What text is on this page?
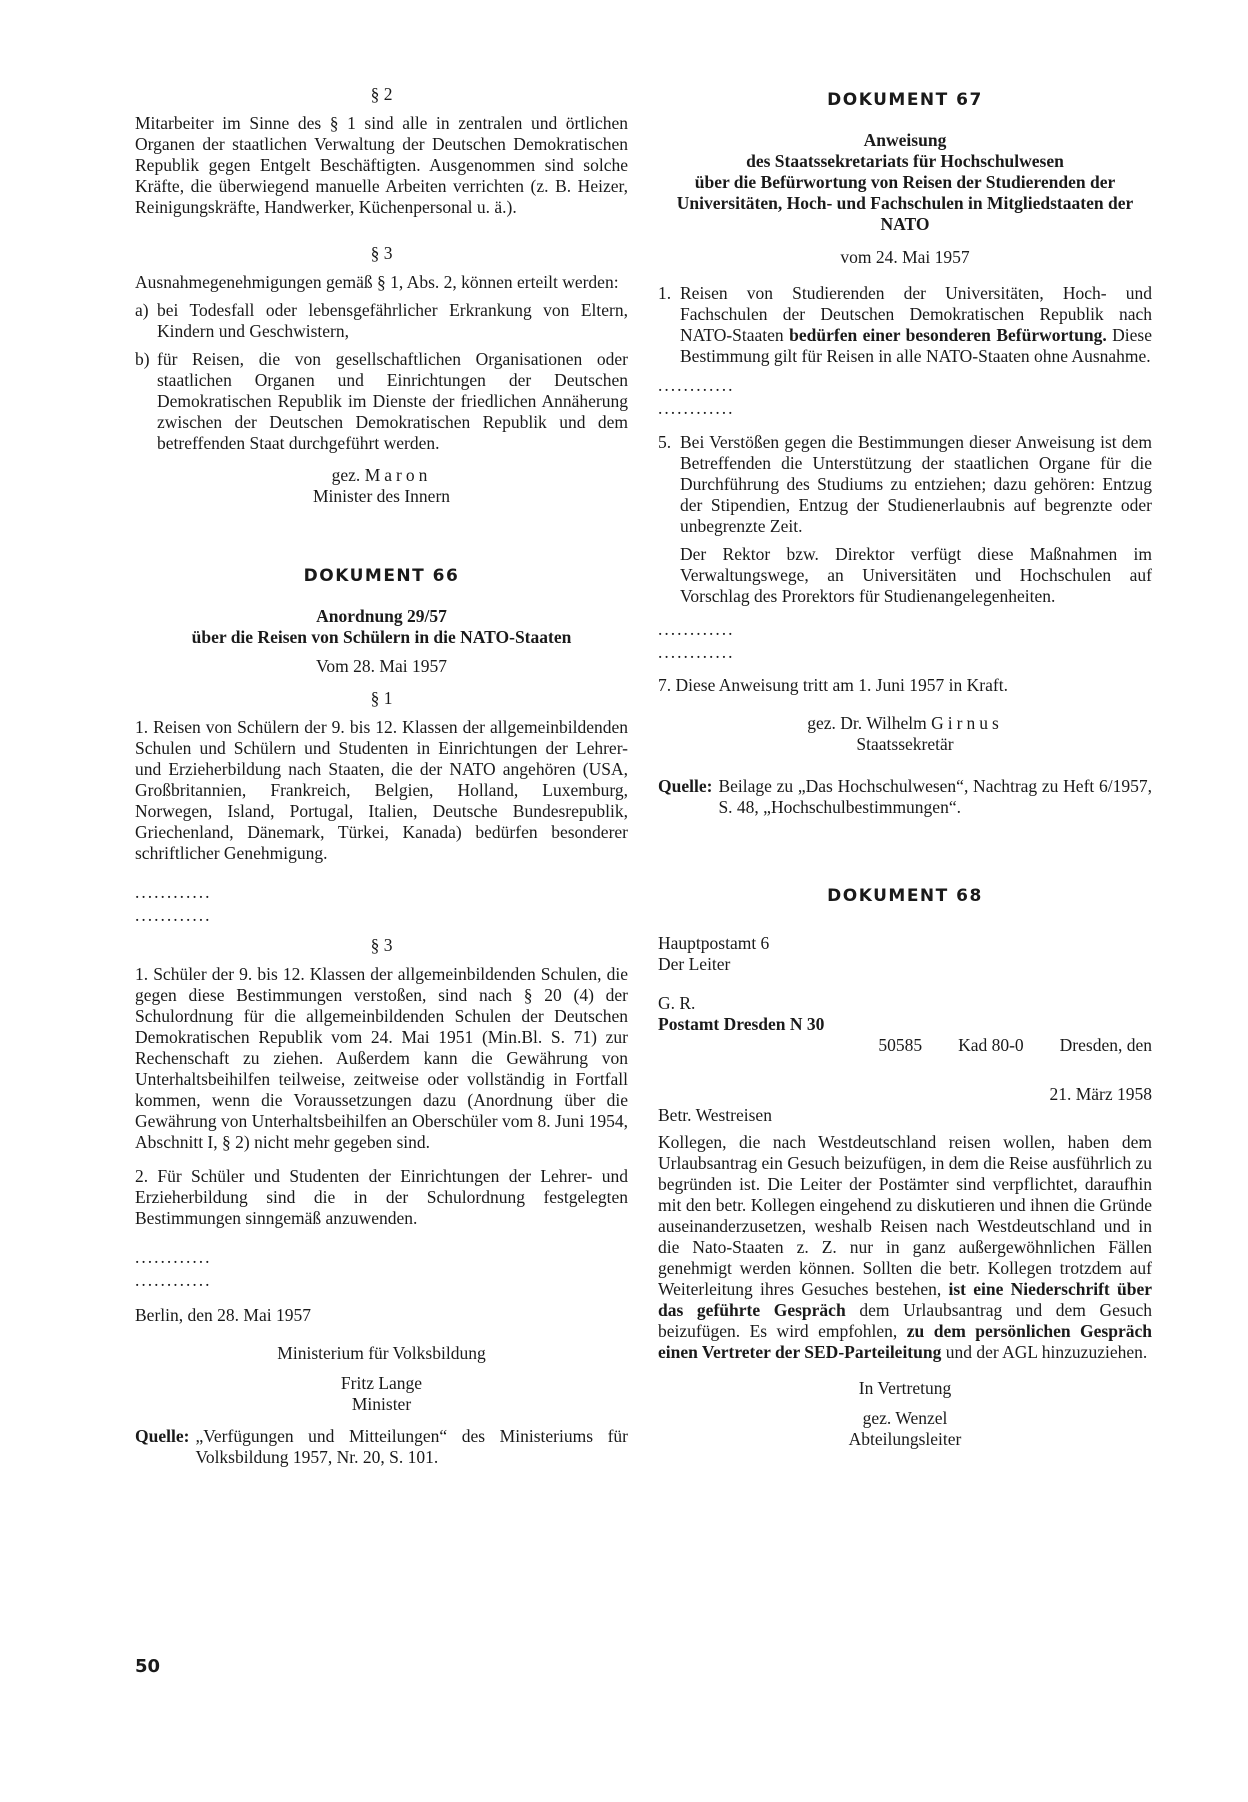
§ 2

Mitarbeiter im Sinne des § 1 sind alle in zentralen und örtlichen Organen der staatlichen Verwaltung der Deutschen Demokratischen Republik gegen Entgelt Beschäftigten. Ausgenommen sind solche Kräfte, die überwiegend manuelle Arbeiten verrichten (z. B. Heizer, Reinigungskräfte, Handwerker, Küchenpersonal u. ä.).

§ 3

Ausnahmegenehmigungen gemäß § 1, Abs. 2, können erteilt werden:

a) bei Todesfall oder lebensgefährlicher Erkrankung von Eltern, Kindern und Geschwistern,
b) für Reisen, die von gesellschaftlichen Organisationen oder staatlichen Organen und Einrichtungen der Deutschen Demokratischen Republik im Dienste der friedlichen Annäherung zwischen der Deutschen Demokratischen Republik und dem betreffenden Staat durchgeführt werden.

gez. Maron

Minister des Innern

DOKUMENT 66

Anordnung 29/57

über die Reisen von Schülern in die NATO-Staaten

Vom 28. Mai 1957

§ 1

1. Reisen von Schülern der 9. bis 12. Klassen der allgemeinbildenden Schulen und Schülern und Studenten in Einrichtungen der Lehrer- und Erzieherbildung nach Staaten, die der NATO angehören (USA, Großbritannien, Frankreich, Belgien, Holland, Luxemburg, Norwegen, Island, Portugal, Italien, Deutsche Bundesrepublik, Griechenland, Dänemark, Türkei, Kanada) bedürfen besonderer schriftlicher Genehmigung.

............

............

§ 3

1. Schüler der 9. bis 12. Klassen der allgemeinbildenden Schulen, die gegen diese Bestimmungen verstoßen, sind nach § 20 (4) der Schulordnung für die allgemeinbildenden Schulen der Deutschen Demokratischen Republik vom 24. Mai 1951 (Min.Bl. S. 71) zur Rechenschaft zu ziehen. Außerdem kann die Gewährung von Unterhaltsbeihilfen teilweise, zeitweise oder vollständig in Fortfall kommen, wenn die Voraussetzungen dazu (Anordnung über die Gewährung von Unterhaltsbeihilfen an Oberschüler vom 8. Juni 1954, Abschnitt I, § 2) nicht mehr gegeben sind.

2. Für Schüler und Studenten der Einrichtungen der Lehrer- und Erzieherbildung sind die in der Schulordnung festgelegten Bestimmungen sinngemäß anzuwenden.

............

............

Berlin, den 28. Mai 1957

Ministerium für Volksbildung

Fritz Lange

Minister

Quelle: „Verfügungen und Mitteilungen“ des Ministeriums für Volksbildung 1957, Nr. 20, S. 101.

DOKUMENT 67

Anweisung

des Staatssekretariats für Hochschulwesen

über die Befürwortung von Reisen der Studierenden der Universitäten, Hoch- und Fachschulen in Mitgliedstaaten der NATO

vom 24. Mai 1957

1. Reisen von Studierenden der Universitäten, Hoch- und Fachschulen der Deutschen Demokratischen Republik nach NATO-Staaten bedürfen einer besonderen Befürwortung. Diese Bestimmung gilt für Reisen in alle NATO-Staaten ohne Ausnahme.

............

............

5. Bei Verstößen gegen die Bestimmungen dieser Anweisung ist dem Betreffenden die Unterstützung der staatlichen Organe für die Durchführung des Studiums zu entziehen; dazu gehören: Entzug der Stipendien, Entzug der Studienerlaubnis auf begrenzte oder unbegrenzte Zeit.

Der Rektor bzw. Direktor verfügt diese Maßnahmen im Verwaltungswege, an Universitäten und Hochschulen auf Vorschlag des Prorektors für Studienangelegenheiten.

............

............

7. Diese Anweisung tritt am 1. Juni 1957 in Kraft.

gez. Dr. Wilhelm Girnus

Staatssekretär

Quelle: Beilage zu „Das Hochschulwesen“, Nachtrag zu Heft 6/1957, S. 48, „Hochschulbestimmungen“.

DOKUMENT 68

Hauptpostamt 6

Der Leiter

G. R.

Postamt Dresden N 30

50585 Kad 80-0 Dresden, den

21. März 1958

Betr. Westreisen

Kollegen, die nach Westdeutschland reisen wollen, haben dem Urlaubsantrag ein Gesuch beizufügen, in dem die Reise ausführlich zu begründen ist. Die Leiter der Postämter sind verpflichtet, daraufhin mit den betr. Kollegen eingehend zu diskutieren und ihnen die Gründe auseinanderzusetzen, weshalb Reisen nach Westdeutschland und in die Nato-Staaten z. Z. nur in ganz außergewöhnlichen Fällen genehmigt werden können. Sollten die betr. Kollegen trotzdem auf Weiterleitung ihres Gesuches bestehen, ist eine Niederschrift über das geführte Gespräch dem Urlaubsantrag und dem Gesuch beizufügen. Es wird empfohlen, zu dem persönlichen Gespräch einen Vertreter der SED-Parteileitung und der AGL hinzuzuziehen.

In Vertretung

gez. Wenzel

Abteilungsleiter

50
